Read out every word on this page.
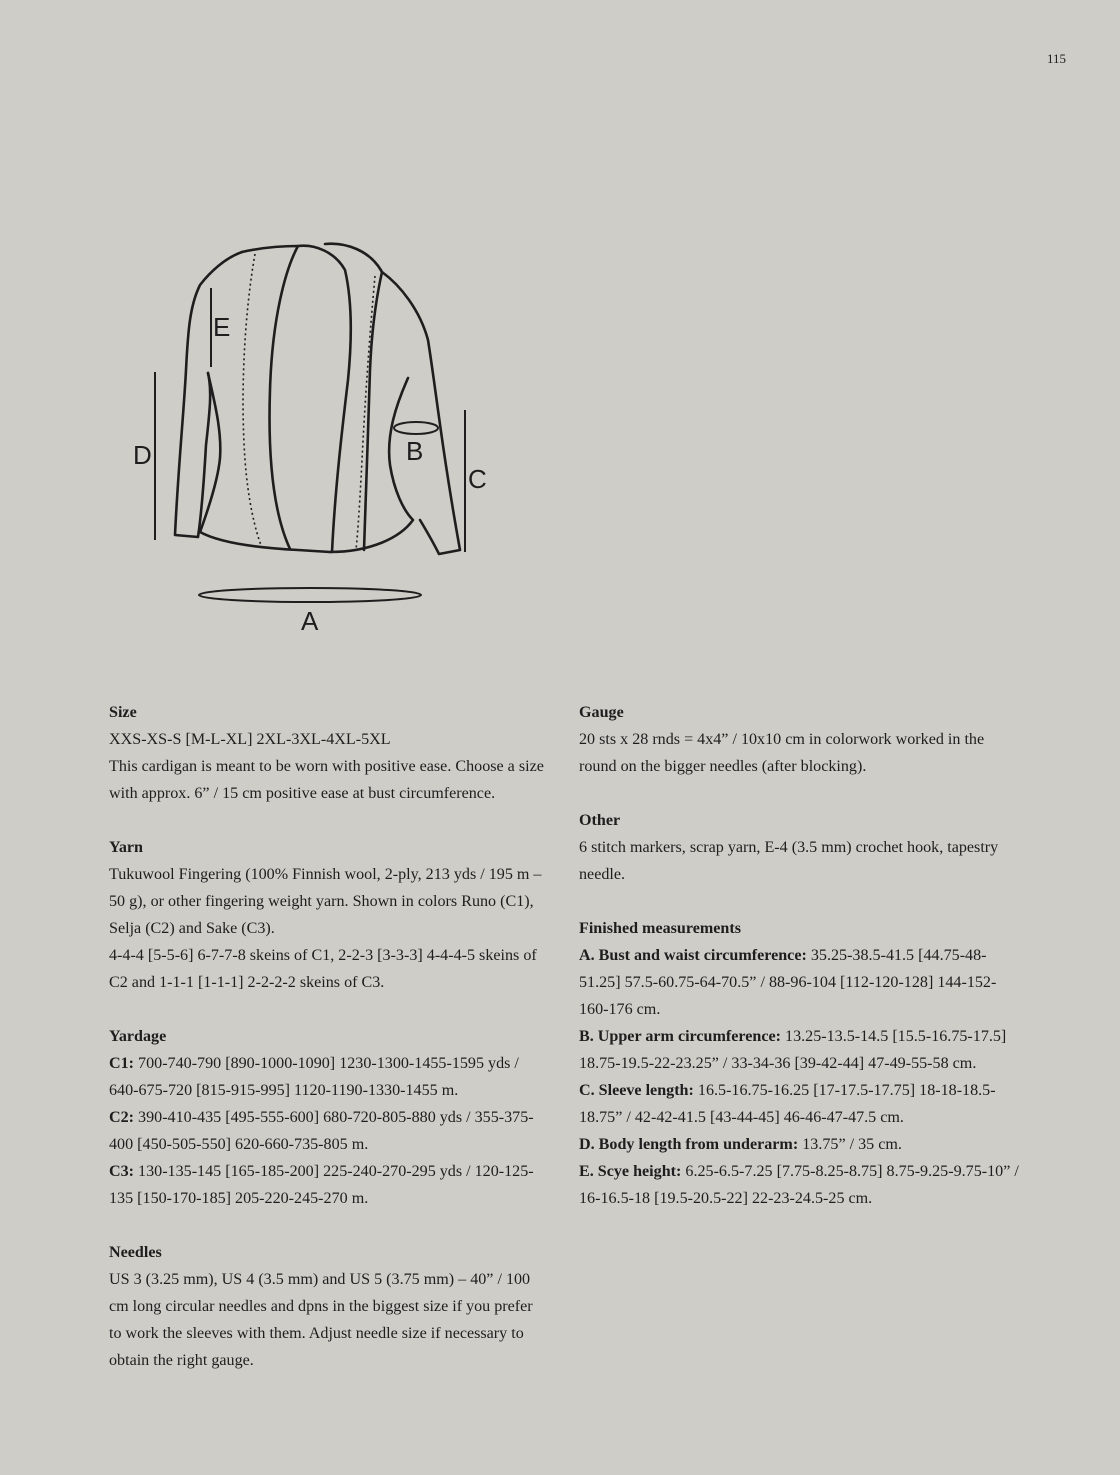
115
E
D	B
C
A
Size

XXS-XS-S [M-L-XL] 2XL-3XL-4XL-5XL

This cardigan is meant to be worn with positive ease. Choose a size with approx. 6” / 15 cm positive ease at bust circumference.

Yarn

Tukuwool Fingering (100% Finnish wool, 2-ply, 213 yds / 195 m – 50 g), or other fingering weight yarn. Shown in colors Runo (C1), Selja (C2) and Sake (C3).

4-4-4 [5-5-6] 6-7-7-8 skeins of C1, 2-2-3 [3-3-3] 4-4-4-5 skeins of C2 and 1-1-1 [1-1-1] 2-2-2-2 skeins of C3.

Yardage

C1: 700-740-790 [890-1000-1090] 1230-1300-1455-1595 yds / 640-675-720 [815-915-995] 1120-1190-1330-1455 m.

C2: 390-410-435 [495-555-600] 680-720-805-880 yds / 355-375-400 [450-505-550] 620-660-735-805 m.

C3: 130-135-145 [165-185-200] 225-240-270-295 yds / 120-125-135 [150-170-185] 205-220-245-270 m.

Needles

US 3 (3.25 mm), US 4 (3.5 mm) and US 5 (3.75 mm) – 40” / 100 cm long circular needles and dpns in the biggest size if you prefer to work the sleeves with them. Adjust needle size if necessary to obtain the right gauge.

Gauge

20 sts x 28 rnds = 4x4” / 10x10 cm in colorwork worked in the round on the bigger needles (after blocking).

Other

6 stitch markers, scrap yarn, E-4 (3.5 mm) crochet hook, tapestry needle.

Finished measurements

A. Bust and waist circumference: 35.25-38.5-41.5 [44.75-48-51.25] 57.5-60.75-64-70.5” / 88-96-104 [112-120-128] 144-152-160-176 cm.

B. Upper arm circumference: 13.25-13.5-14.5 [15.5-16.75-17.5] 18.75-19.5-22-23.25” / 33-34-36 [39-42-44] 47-49-55-58 cm.

C. Sleeve length: 16.5-16.75-16.25 [17-17.5-17.75] 18-18-18.5-18.75” / 42-42-41.5 [43-44-45] 46-46-47-47.5 cm.

D. Body length from underarm: 13.75” / 35 cm.

E. Scye height: 6.25-6.5-7.25 [7.75-8.25-8.75] 8.75-9.25-9.75-10” / 16-16.5-18 [19.5-20.5-22] 22-23-24.5-25 cm.
